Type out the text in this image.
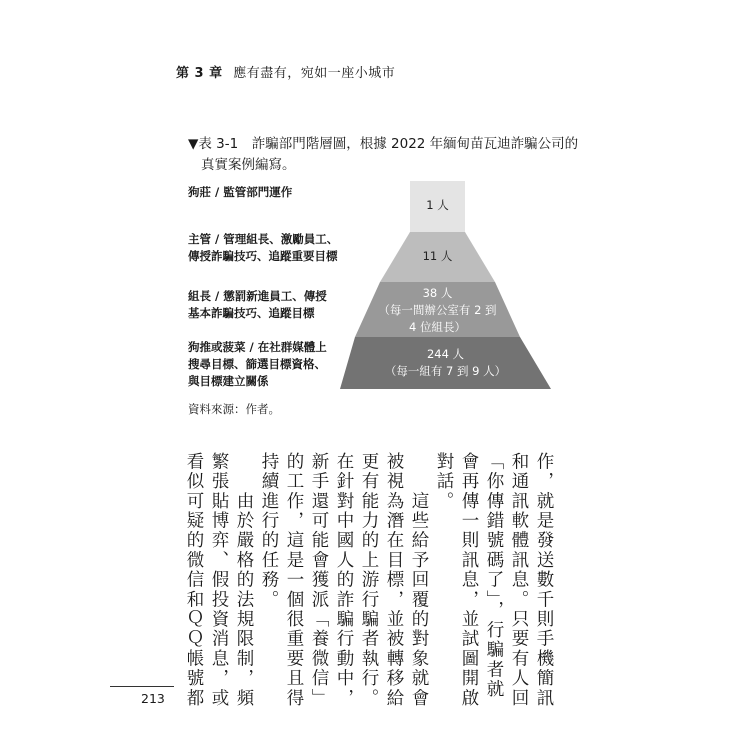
第 3 章 應有盡有，宛如一座小城市
▼表 3-1　詐騙部門階層圖，根據 2022 年緬甸苗瓦迪詐騙公司的
真實案例編寫。
狗莊 / 監管部門運作
主管 / 管理組長、激勵員工、
傳授詐騙技巧、追蹤重要目標
組長 / 懲罰新進員工、傳授
基本詐騙技巧、追蹤目標
狗推或菠菜 / 在社群媒體上
搜尋目標、篩選目標資格、
與目標建立關係
1 人
11 人
38 人
（每一間辦公室有 2 到
4 位組長）
244 人
（每一組有 7 到 9 人）
資料來源：作者。
作，就是發送數千則手機簡訊
和通訊軟體訊息。只要有人回
「你傳錯號碼了」，行騙者就
會再傳一則訊息，並試圖開啟
對話。
　　這些給予回覆的對象就會
被視為潛在目標，並被轉移給
更有能力的上游行騙者執行。
在針對中國人的詐騙行動中，
新手還可能會獲派「養微信」
的工作，這是一個很重要且得
持續進行的任務。
　　由於嚴格的法規限制，頻
繁張貼博弈、假投資消息，或
看似可疑的微信和ＱＱ帳號都
213
